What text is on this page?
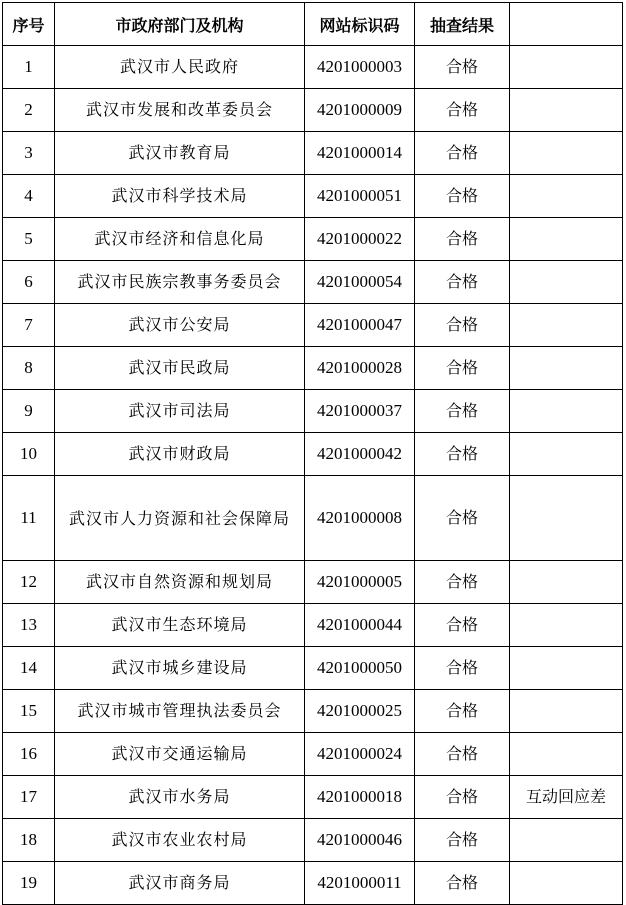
序号	市政府部门及机构	网站标识码	抽查结果	
1	武汉市人民政府	4201000003	合格	
2	武汉市发展和改革委员会	4201000009	合格	
3	武汉市教育局	4201000014	合格	
4	武汉市科学技术局	4201000051	合格	
5	武汉市经济和信息化局	4201000022	合格	
6	武汉市民族宗教事务委员会	4201000054	合格	
7	武汉市公安局	4201000047	合格	
8	武汉市民政局	4201000028	合格	
9	武汉市司法局	4201000037	合格	
10	武汉市财政局	4201000042	合格	
11	武汉市人力资源和社会保障局	4201000008	合格	
12	武汉市自然资源和规划局	4201000005	合格	
13	武汉市生态环境局	4201000044	合格	
14	武汉市城乡建设局	4201000050	合格	
15	武汉市城市管理执法委员会	4201000025	合格	
16	武汉市交通运输局	4201000024	合格	
17	武汉市水务局	4201000018	合格	互动回应差
18	武汉市农业农村局	4201000046	合格	
19	武汉市商务局	4201000011	合格	
